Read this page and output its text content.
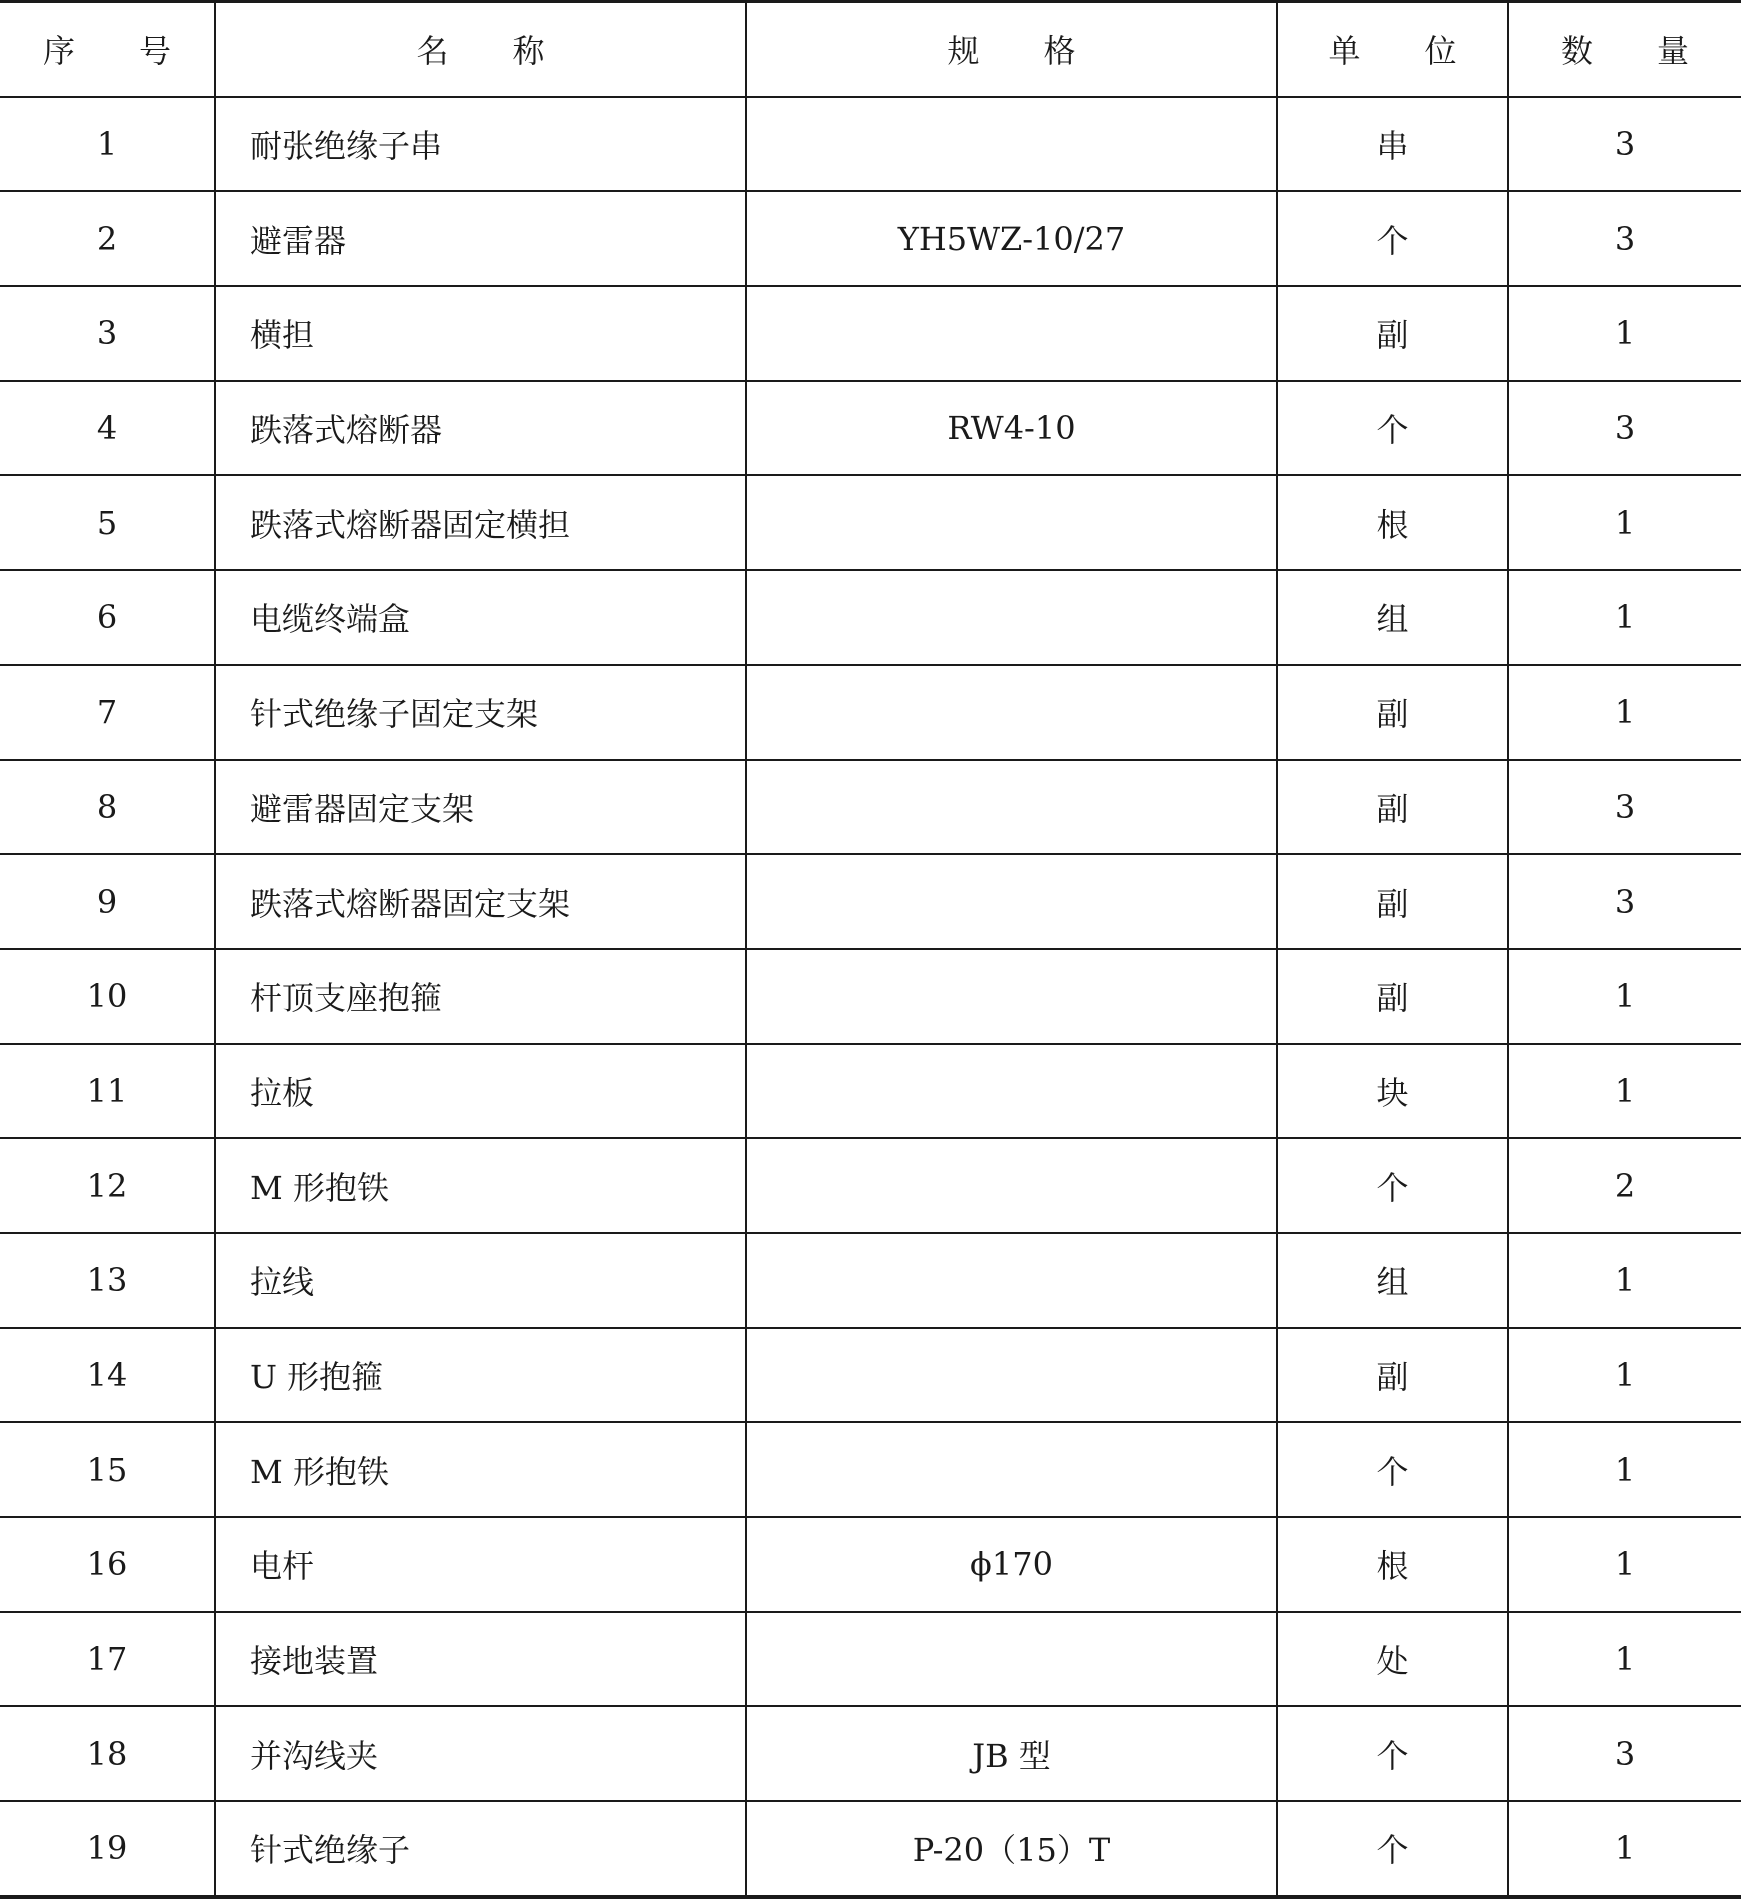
序　　号	名　　称	规　　格	单　　位	数　　量
1	耐张绝缘子串		串	3
2	避雷器	YH5WZ-10/27	个	3
3	横担		副	1
4	跌落式熔断器	RW4-10	个	3
5	跌落式熔断器固定横担		根	1
6	电缆终端盒		组	1
7	针式绝缘子固定支架		副	1
8	避雷器固定支架		副	3
9	跌落式熔断器固定支架		副	3
10	杆顶支座抱箍		副	1
11	拉板		块	1
12	M 形抱铁		个	2
13	拉线		组	1
14	U 形抱箍		副	1
15	M 形抱铁		个	1
16	电杆	ϕ170	根	1
17	接地装置		处	1
18	并沟线夹	JB 型	个	3
19	针式绝缘子	P-20（15）T	个	1
